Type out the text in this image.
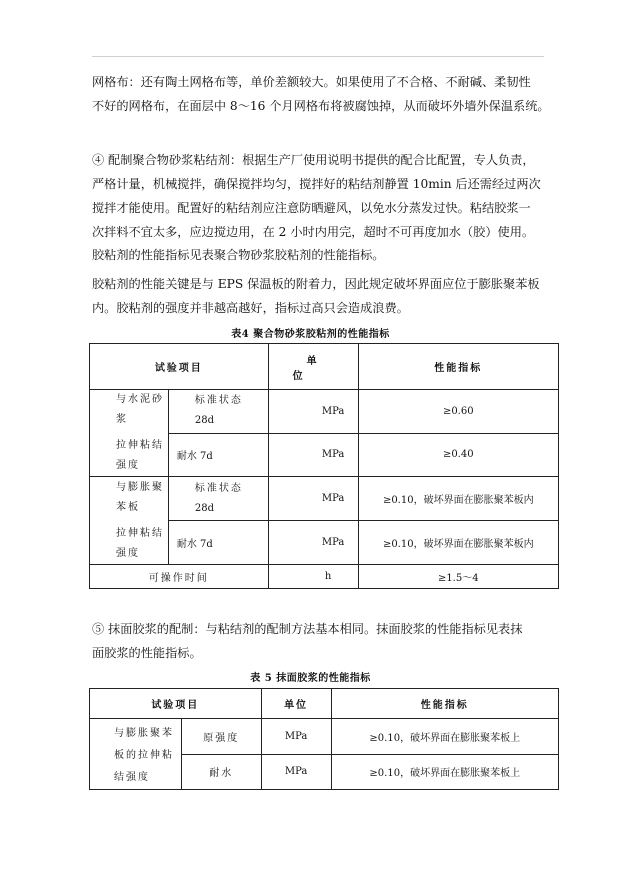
网格布：还有陶土网格布等，单价差额较大。如果使用了不合格、不耐碱、柔韧性
不好的网格布，在面层中 8～16 个月网格布将被腐蚀掉，从而破坏外墙外保温系统。
④ 配制聚合物砂浆粘结剂：根据生产厂使用说明书提供的配合比配置，专人负责，
严格计量，机械搅拌，确保搅拌均匀，搅拌好的粘结剂静置 10min 后还需经过两次
搅拌才能使用。配置好的粘结剂应注意防晒避风，以免水分蒸发过快。粘结胶浆一
次拌料不宜太多，应边搅边用，在 2 小时内用完，超时不可再度加水（胶）使用。
胶粘剂的性能指标见表聚合物砂浆胶粘剂的性能指标。
胶粘剂的性能关键是与 EPS 保温板的附着力，因此规定破坏界面应位于膨胀聚苯板
内。胶粘剂的强度并非越高越好，指标过高只会造成浪费。
表4 聚合物砂浆胶粘剂的性能指标
试验项目		单
位	性能指标

与水泥砂
浆
拉伸粘结
强度	标准状态
28d	MPa	≥0.60
	耐水 7d	MPa	≥0.40

与膨胀聚
苯板
拉伸粘结
强度	标准状态
28d	MPa	≥0.10，破坏界面在膨胀聚苯板内
	耐水 7d	MPa	≥0.10，破坏界面在膨胀聚苯板内
可操作时间		h	≥1.5～4
⑤ 抹面胶浆的配制：与粘结剂的配制方法基本相同。抹面胶浆的性能指标见表抹
面胶浆的性能指标。
表 5 抹面胶浆的性能指标
试验项目		单位	性能指标

与膨胀聚苯
板的拉伸粘
结强度	原强度	MPa	≥0.10，破坏界面在膨胀聚苯板上
	耐水	MPa	≥0.10，破坏界面在膨胀聚苯板上
